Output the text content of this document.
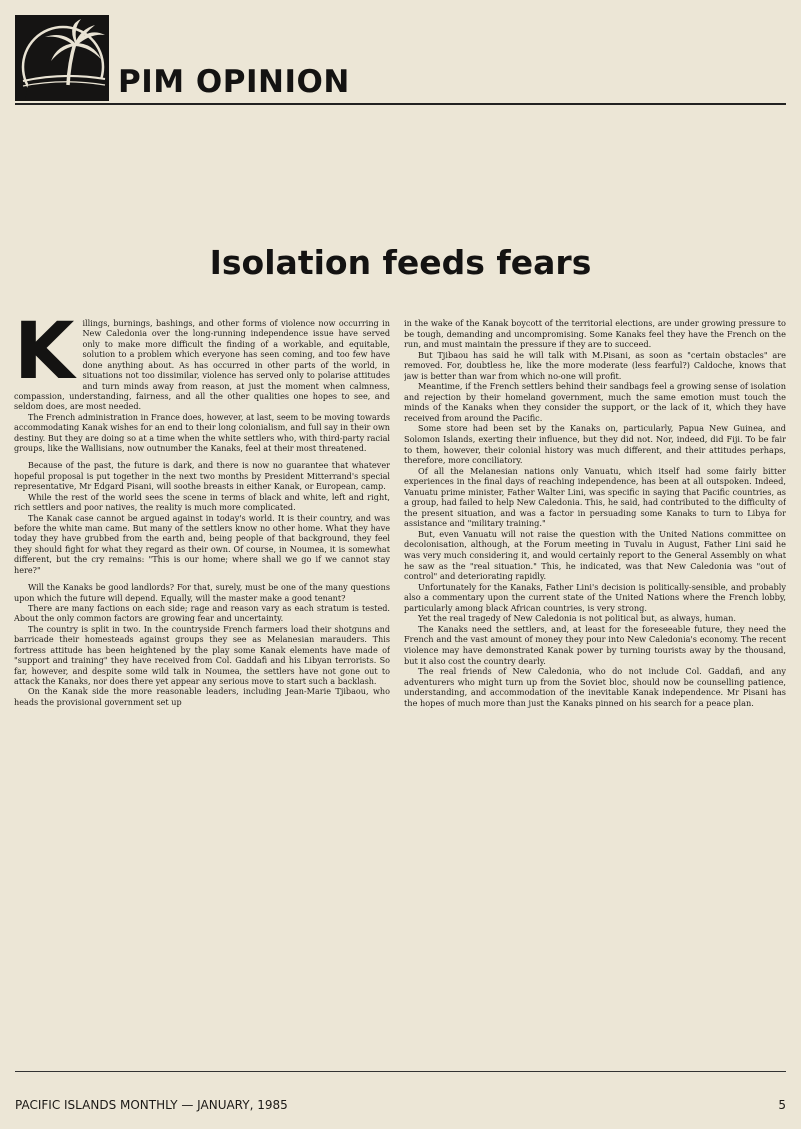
PIM OPINION
Isolation feeds fears
K illings, burnings, bashings, and other forms of violence now occurring in New Caledonia over the long-running independence issue have served only to make more difficult the finding of a workable, and equitable, solution to a problem which everyone has seen coming, and too few have done anything about. As has occurred in other parts of the world, in situations not too dissimilar, violence has served only to polarise attitudes and turn minds away from reason, at just the moment when calmness, compassion, understanding, fairness, and all the other qualities one hopes to see, and seldom does, are most needed.

The French administration in France does, however, at last, seem to be moving towards accommodating Kanak wishes for an end to their long colonialism, and full say in their own destiny. But they are doing so at a time when the white settlers who, with third-party racial groups, like the Wallisians, now outnumber the Kanaks, feel at their most threatened.

Because of the past, the future is dark, and there is now no guarantee that whatever hopeful proposal is put together in the next two months by President Mitterrand's special representative, Mr Edgard Pisani, will soothe breasts in either Kanak, or European, camp.

While the rest of the world sees the scene in terms of black and white, left and right, rich settlers and poor natives, the reality is much more complicated.

The Kanak case cannot be argued against in today's world. It is their country, and was before the white man came. But many of the settlers know no other home. What they have today they have grubbed from the earth and, being people of that background, they feel they should fight for what they regard as their own. Of course, in Noumea, it is somewhat different, but the cry remains: "This is our home; where shall we go if we cannot stay here?"

Will the Kanaks be good landlords? For that, surely, must be one of the many questions upon which the future will depend. Equally, will the master make a good tenant?

There are many factions on each side; rage and reason vary as each stratum is tested. About the only common factors are growing fear and uncertainty.

The country is split in two. In the countryside French farmers load their shotguns and barricade their homesteads against groups they see as Melanesian marauders. This fortress attitude has been heightened by the play some Kanak elements have made of "support and training" they have received from Col. Gaddafi and his Libyan terrorists. So far, however, and despite some wild talk in Noumea, the settlers have not gone out to attack the Kanaks, nor does there yet appear any serious move to start such a backlash.

On the Kanak side the more reasonable leaders, including Jean-Marie Tjibaou, who heads the provisional government set up

in the wake of the Kanak boycott of the territorial elections, are under growing pressure to be tough, demanding and uncompromising. Some Kanaks feel they have the French on the run, and must maintain the pressure if they are to succeed.

But Tjibaou has said he will talk with M.Pisani, as soon as "certain obstacles" are removed. For, doubtless he, like the more moderate (less fearful?) Caldoche, knows that jaw is better than war from which no-one will profit.

Meantime, if the French settlers behind their sandbags feel a growing sense of isolation and rejection by their homeland government, much the same emotion must touch the minds of the Kanaks when they consider the support, or the lack of it, which they have received from around the Pacific.

Some store had been set by the Kanaks on, particularly, Papua New Guinea, and Solomon Islands, exerting their influence, but they did not. Nor, indeed, did Fiji. To be fair to them, however, their colonial history was much different, and their attitudes perhaps, therefore, more conciliatory.

Of all the Melanesian nations only Vanuatu, which itself had some fairly bitter experiences in the final days of reaching independence, has been at all outspoken. Indeed, Vanuatu prime minister, Father Walter Lini, was specific in saying that Pacific countries, as a group, had failed to help New Caledonia. This, he said, had contributed to the difficulty of the present situation, and was a factor in persuading some Kanaks to turn to Libya for assistance and "military training."

But, even Vanuatu will not raise the question with the United Nations committee on decolonisation, although, at the Forum meeting in Tuvalu in August, Father Lini said he was very much considering it, and would certainly report to the General Assembly on what he saw as the "real situation." This, he indicated, was that New Caledonia was "out of control" and deteriorating rapidly.

Unfortunately for the Kanaks, Father Lini's decision is politically-sensible, and probably also a commentary upon the current state of the United Nations where the French lobby, particularly among black African countries, is very strong.

Yet the real tragedy of New Caledonia is not political but, as always, human.

The Kanaks need the settlers, and, at least for the foreseeable future, they need the French and the vast amount of money they pour into New Caledonia's economy. The recent violence may have demonstrated Kanak power by turning tourists away by the thousand, but it also cost the country dearly.

The real friends of New Caledonia, who do not include Col. Gaddafi, and any adventurers who might turn up from the Soviet bloc, should now be counselling patience, understanding, and accommodation of the inevitable Kanak independence. Mr Pisani has the hopes of much more than just the Kanaks pinned on his search for a peace plan.

PACIFIC ISLANDS MONTHLY — JANUARY, 1985	5
